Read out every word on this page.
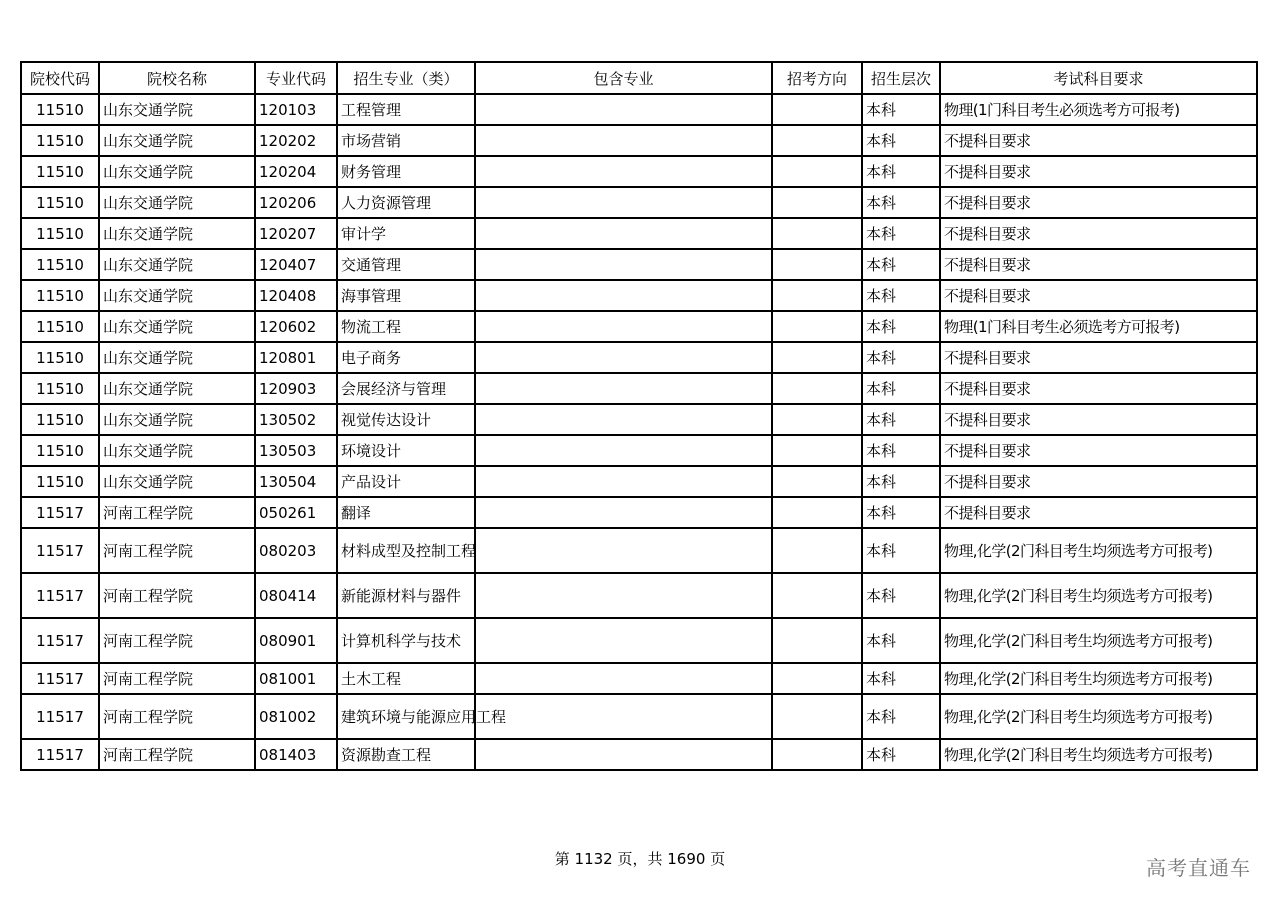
院校代码	院校名称	专业代码	招生专业（类）	包含专业	招考方向	招生层次	考试科目要求
11510	山东交通学院	120103	工程管理			本科	物理(1门科目考生必须选考方可报考)
11510	山东交通学院	120202	市场营销			本科	不提科目要求
11510	山东交通学院	120204	财务管理			本科	不提科目要求
11510	山东交通学院	120206	人力资源管理			本科	不提科目要求
11510	山东交通学院	120207	审计学			本科	不提科目要求
11510	山东交通学院	120407	交通管理			本科	不提科目要求
11510	山东交通学院	120408	海事管理			本科	不提科目要求
11510	山东交通学院	120602	物流工程			本科	物理(1门科目考生必须选考方可报考)
11510	山东交通学院	120801	电子商务			本科	不提科目要求
11510	山东交通学院	120903	会展经济与管理			本科	不提科目要求
11510	山东交通学院	130502	视觉传达设计			本科	不提科目要求
11510	山东交通学院	130503	环境设计			本科	不提科目要求
11510	山东交通学院	130504	产品设计			本科	不提科目要求
11517	河南工程学院	050261	翻译			本科	不提科目要求
11517	河南工程学院	080203	材料成型及控制工程			本科	物理,化学(2门科目考生均须选考方可报考)
11517	河南工程学院	080414	新能源材料与器件			本科	物理,化学(2门科目考生均须选考方可报考)
11517	河南工程学院	080901	计算机科学与技术			本科	物理,化学(2门科目考生均须选考方可报考)
11517	河南工程学院	081001	土木工程			本科	物理,化学(2门科目考生均须选考方可报考)
11517	河南工程学院	081002	建筑环境与能源应用工程			本科	物理,化学(2门科目考生均须选考方可报考)
11517	河南工程学院	081403	资源勘查工程			本科	物理,化学(2门科目考生均须选考方可报考)
第 1132 页，共 1690 页	高考直通车
